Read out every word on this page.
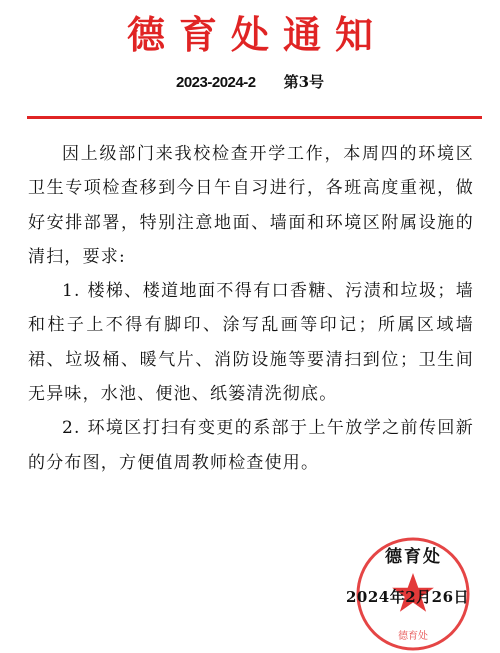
德育处通知
2023-2024-2 第3号

因上级部门来我校检查开学工作，本周四的环境区卫生专项检查移到今日午自习进行，各班高度重视，做好安排部署，特别注意地面、墙面和环境区附属设施的清扫，要求:

1. 楼梯、楼道地面不得有口香糖、污渍和垃圾；墙和柱子上不得有脚印、涂写乱画等印记；所属区域墙裙、垃圾桶、暖气片、消防设施等要清扫到位；卫生间无异味，水池、便池、纸篓清洗彻底。

2. 环境区打扫有变更的系部于上午放学之前传回新的分布图，方便值周教师检查使用。

德育处
德育处
2024年2月26日
